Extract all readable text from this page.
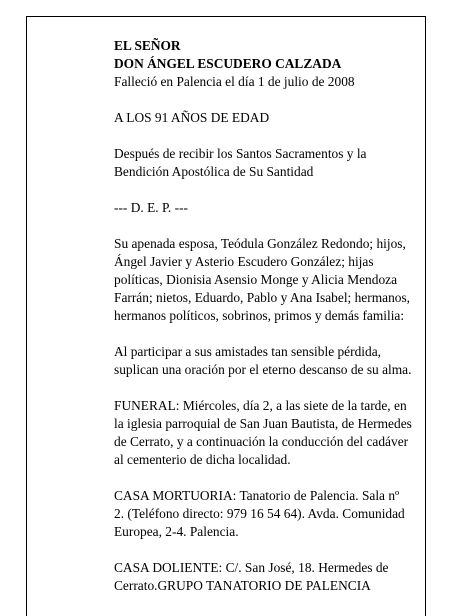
EL SEÑOR
DON ÁNGEL ESCUDERO CALZADA
Falleció en Palencia el día 1 de julio de 2008
A LOS 91 AÑOS DE EDAD
Después de recibir los Santos Sacramentos y la
Bendición Apostólica de Su Santidad
--- D. E. P. ---
Su apenada esposa, Teódula González Redondo; hijos,
Ángel Javier y Asterio Escudero González; hijas
políticas, Dionisia Asensio Monge y Alicia Mendoza
Farrán; nietos, Eduardo, Pablo y Ana Isabel; hermanos,
hermanos políticos, sobrinos, primos y demás familia:
Al participar a sus amistades tan sensible pérdida,
suplican una oración por el eterno descanso de su alma.
FUNERAL: Miércoles, día 2, a las siete de la tarde, en
la iglesia parroquial de San Juan Bautista, de Hermedes
de Cerrato, y a continuación la conducción del cadáver
al cementerio de dicha localidad.
CASA MORTUORIA: Tanatorio de Palencia. Sala nº
2. (Teléfono directo: 979 16 54 64). Avda. Comunidad
Europea, 2-4. Palencia.
CASA DOLIENTE: C/. San José, 18. Hermedes de
Cerrato.GRUPO TANATORIO DE PALENCIA
